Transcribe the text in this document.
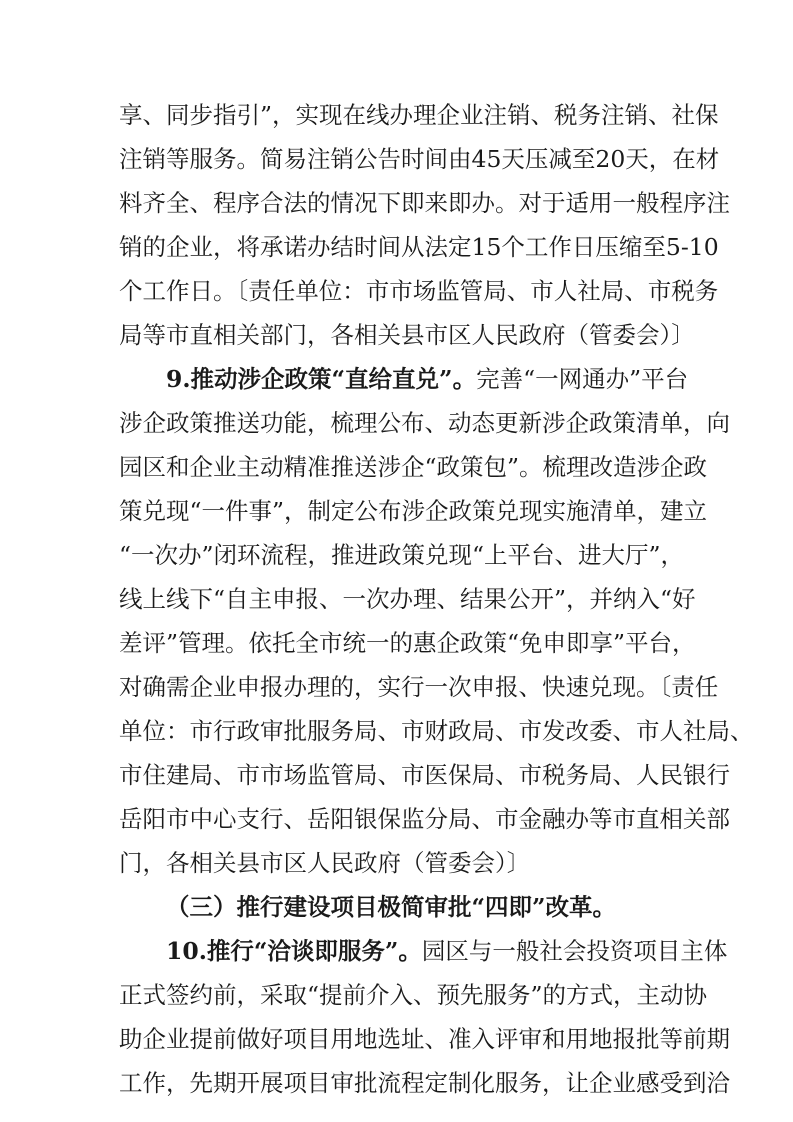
享、同步指引”，实现在线办理企业注销、税务注销、社保
注销等服务。简易注销公告时间由45天压减至20天，在材
料齐全、程序合法的情况下即来即办。对于适用一般程序注
销的企业，将承诺办结时间从法定15个工作日压缩至5-10
个工作日。〔责任单位：市市场监管局、市人社局、市税务
局等市直相关部门，各相关县市区人民政府（管委会）〕
9.推动涉企政策“直给直兑”。完善“一网通办”平台
涉企政策推送功能，梳理公布、动态更新涉企政策清单，向
园区和企业主动精准推送涉企“政策包”。梳理改造涉企政
策兑现“一件事”，制定公布涉企政策兑现实施清单，建立
“一次办”闭环流程，推进政策兑现“上平台、进大厅”，
线上线下“自主申报、一次办理、结果公开”，并纳入“好
差评”管理。依托全市统一的惠企政策“免申即享”平台，
对确需企业申报办理的，实行一次申报、快速兑现。〔责任
单位：市行政审批服务局、市财政局、市发改委、市人社局、
市住建局、市市场监管局、市医保局、市税务局、人民银行
岳阳市中心支行、岳阳银保监分局、市金融办等市直相关部
门，各相关县市区人民政府（管委会）〕
（三）推行建设项目极简审批“四即”改革。
10.推行“洽谈即服务”。园区与一般社会投资项目主体
正式签约前，采取“提前介入、预先服务”的方式，主动协
助企业提前做好项目用地选址、准入评审和用地报批等前期
工作，先期开展项目审批流程定制化服务，让企业感受到洽
